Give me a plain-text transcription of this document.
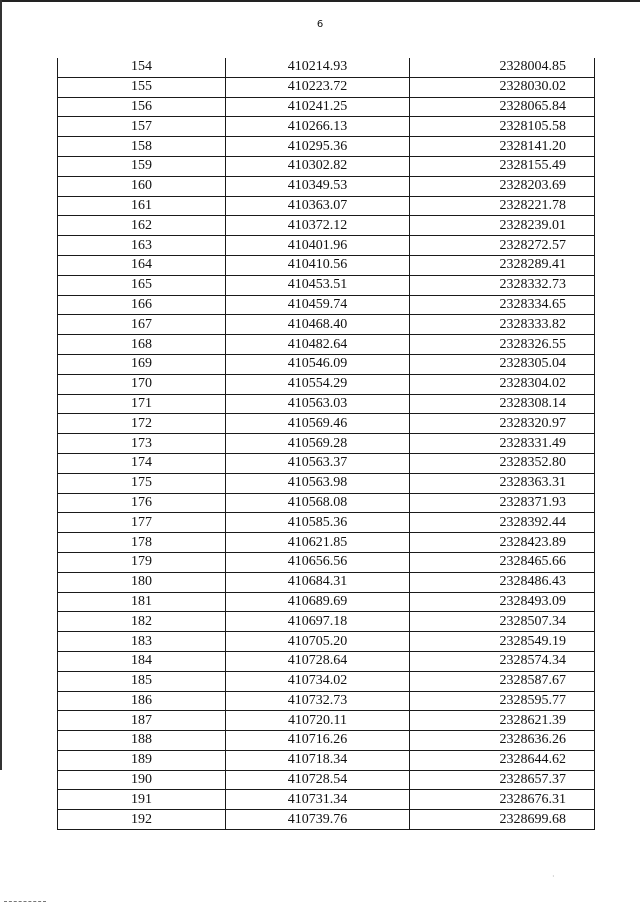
6
154	410214.93	2328004.85
155	410223.72	2328030.02
156	410241.25	2328065.84
157	410266.13	2328105.58
158	410295.36	2328141.20
159	410302.82	2328155.49
160	410349.53	2328203.69
161	410363.07	2328221.78
162	410372.12	2328239.01
163	410401.96	2328272.57
164	410410.56	2328289.41
165	410453.51	2328332.73
166	410459.74	2328334.65
167	410468.40	2328333.82
168	410482.64	2328326.55
169	410546.09	2328305.04
170	410554.29	2328304.02
171	410563.03	2328308.14
172	410569.46	2328320.97
173	410569.28	2328331.49
174	410563.37	2328352.80
175	410563.98	2328363.31
176	410568.08	2328371.93
177	410585.36	2328392.44
178	410621.85	2328423.89
179	410656.56	2328465.66
180	410684.31	2328486.43
181	410689.69	2328493.09
182	410697.18	2328507.34
183	410705.20	2328549.19
184	410728.64	2328574.34
185	410734.02	2328587.67
186	410732.73	2328595.77
187	410720.11	2328621.39
188	410716.26	2328636.26
189	410718.34	2328644.62
190	410728.54	2328657.37
191	410731.34	2328676.31
192	410739.76	2328699.68
·
